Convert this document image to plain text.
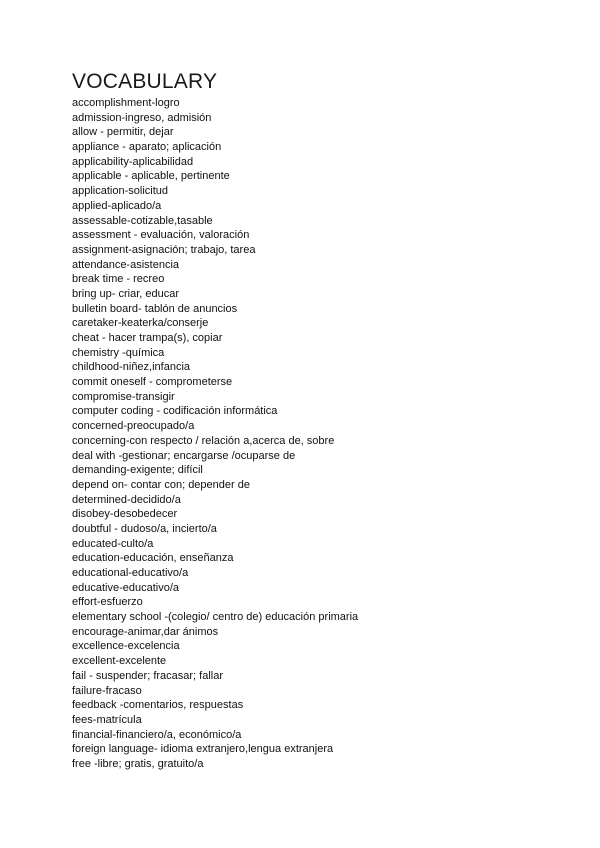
VOCABULARY
accomplishment-logro
admission-ingreso, admisión
allow - permitir, dejar
appliance - aparato; aplicación
applicability-aplicabilidad
applicable - aplicable, pertinente
application-solicitud
applied-aplicado/a
assessable-cotizable,tasable
assessment - evaluación, valoración
assignment-asignación; trabajo, tarea
attendance-asistencia
break time - recreo
bring up- criar, educar
bulletin board- tablón de anuncios
caretaker-keaterka/conserje
cheat - hacer trampa(s), copiar
chemistry -química
childhood-niñez,infancia
commit oneself - comprometerse
compromise-transigir
computer coding - codificación informática
concerned-preocupado/a
concerning-con respecto / relación a,acerca de, sobre
deal with -gestionar; encargarse /ocuparse de
demanding-exigente; difícil
depend on- contar con; depender de
determined-decidido/a
disobey-desobedecer
doubtful - dudoso/a, incierto/a
educated-culto/a
education-educación, enseñanza
educational-educativo/a
educative-educativo/a
effort-esfuerzo
elementary school -(colegio/ centro de) educación primaria
encourage-animar,dar ánimos
excellence-excelencia
excellent-excelente
fail - suspender; fracasar; fallar
failure-fracaso
feedback -comentarios, respuestas
fees-matrícula
financial-financiero/a, económico/a
foreign language- idioma extranjero,lengua extranjera
free -libre; gratis, gratuito/a
